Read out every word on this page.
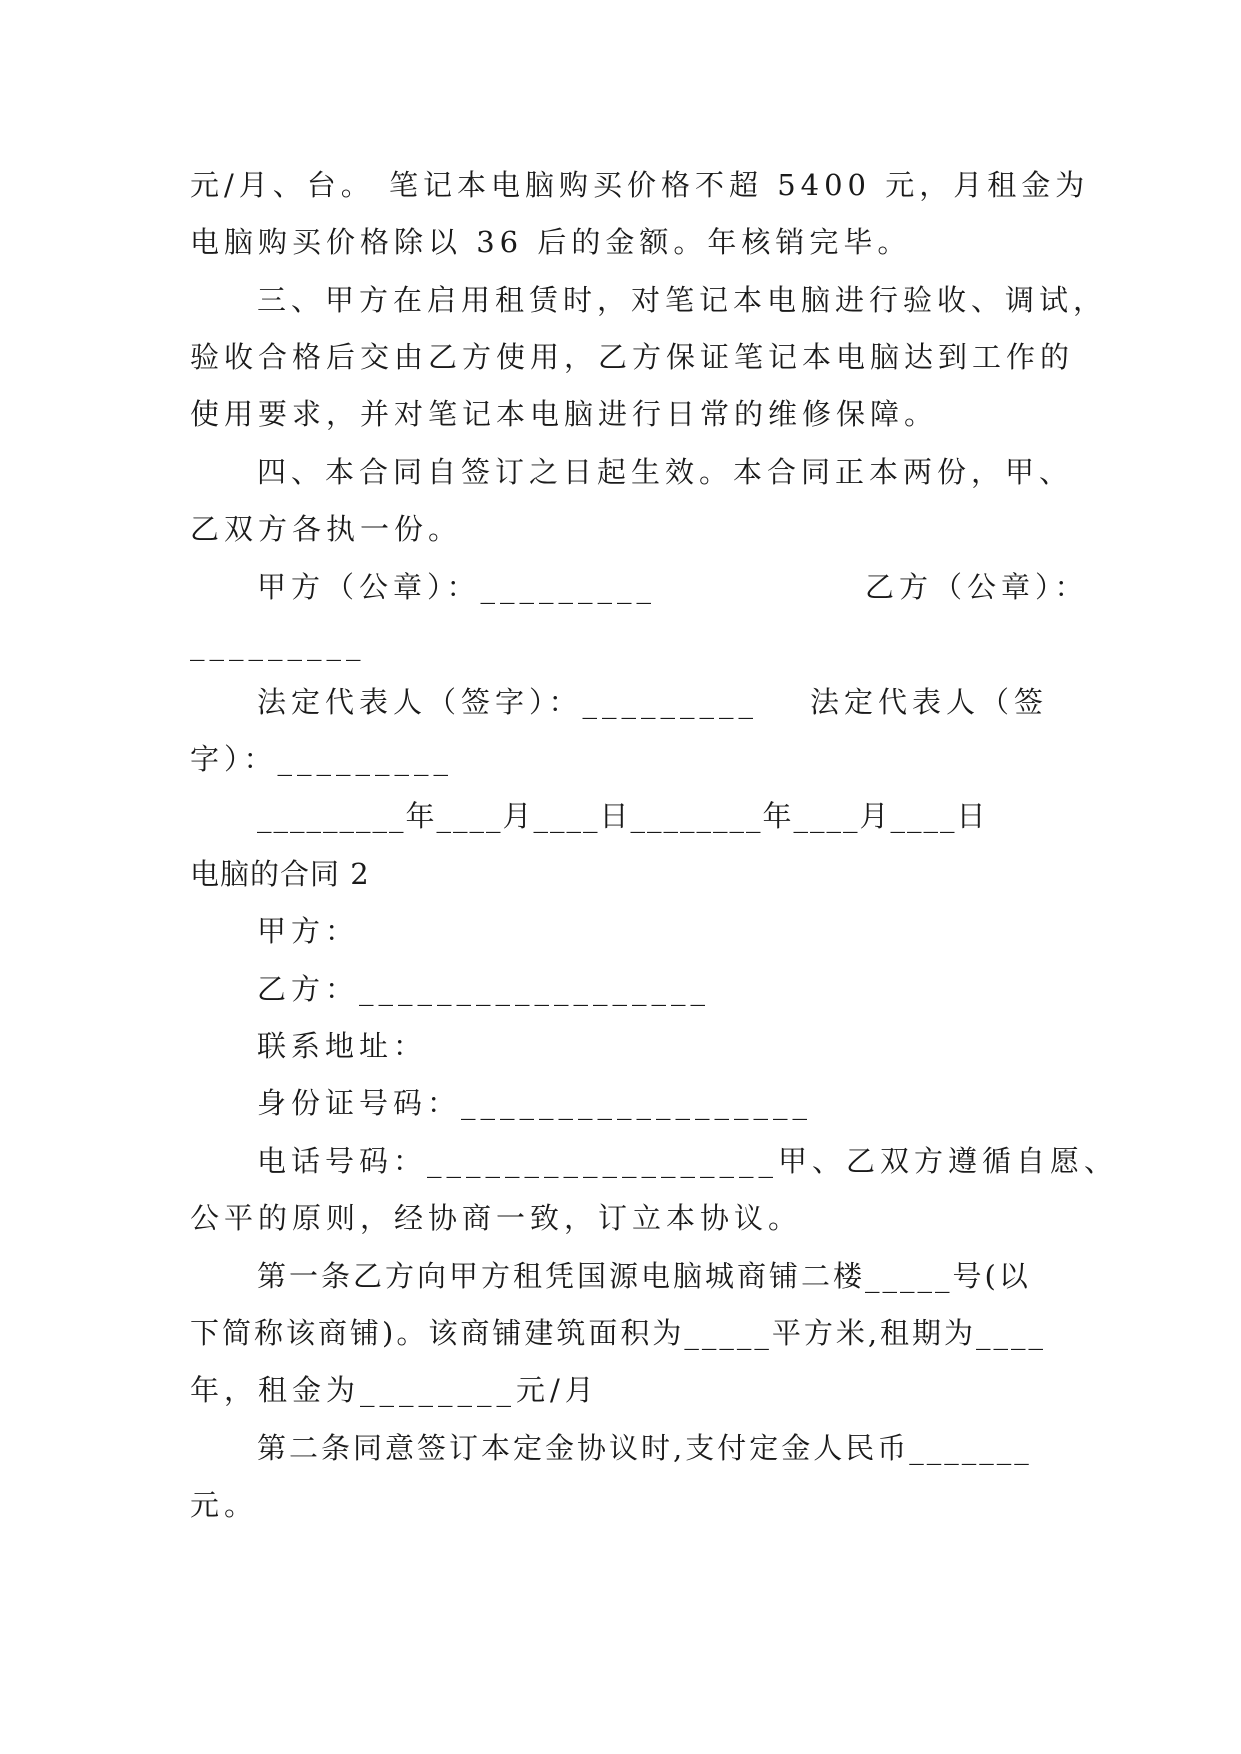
元/月、台。 笔记本电脑购买价格不超 5400 元，月租金为
电脑购买价格除以 36 后的金额。年核销完毕。
三、甲方在启用租赁时，对笔记本电脑进行验收、调试，
验收合格后交由乙方使用，乙方保证笔记本电脑达到工作的
使用要求，并对笔记本电脑进行日常的维修保障。
四、本合同自签订之日起生效。本合同正本两份，甲、
乙双方各执一份。
甲方（公章）：_________	乙方（公章）：
_________
法定代表人（签字）：_________	法定代表人（签
字）：_________
_________年____月____日________年____月____日
电脑的合同 2
甲方：
乙方：__________________
联系地址：
身份证号码：__________________
电话号码：__________________甲、乙双方遵循自愿、
公平的原则，经协商一致，订立本协议。
第一条乙方向甲方租凭国源电脑城商铺二楼_____号(以
下简称该商铺)。该商铺建筑面积为_____平方米,租期为____
年，租金为________元/月
第二条同意签订本定金协议时,支付定金人民币_______
元。
